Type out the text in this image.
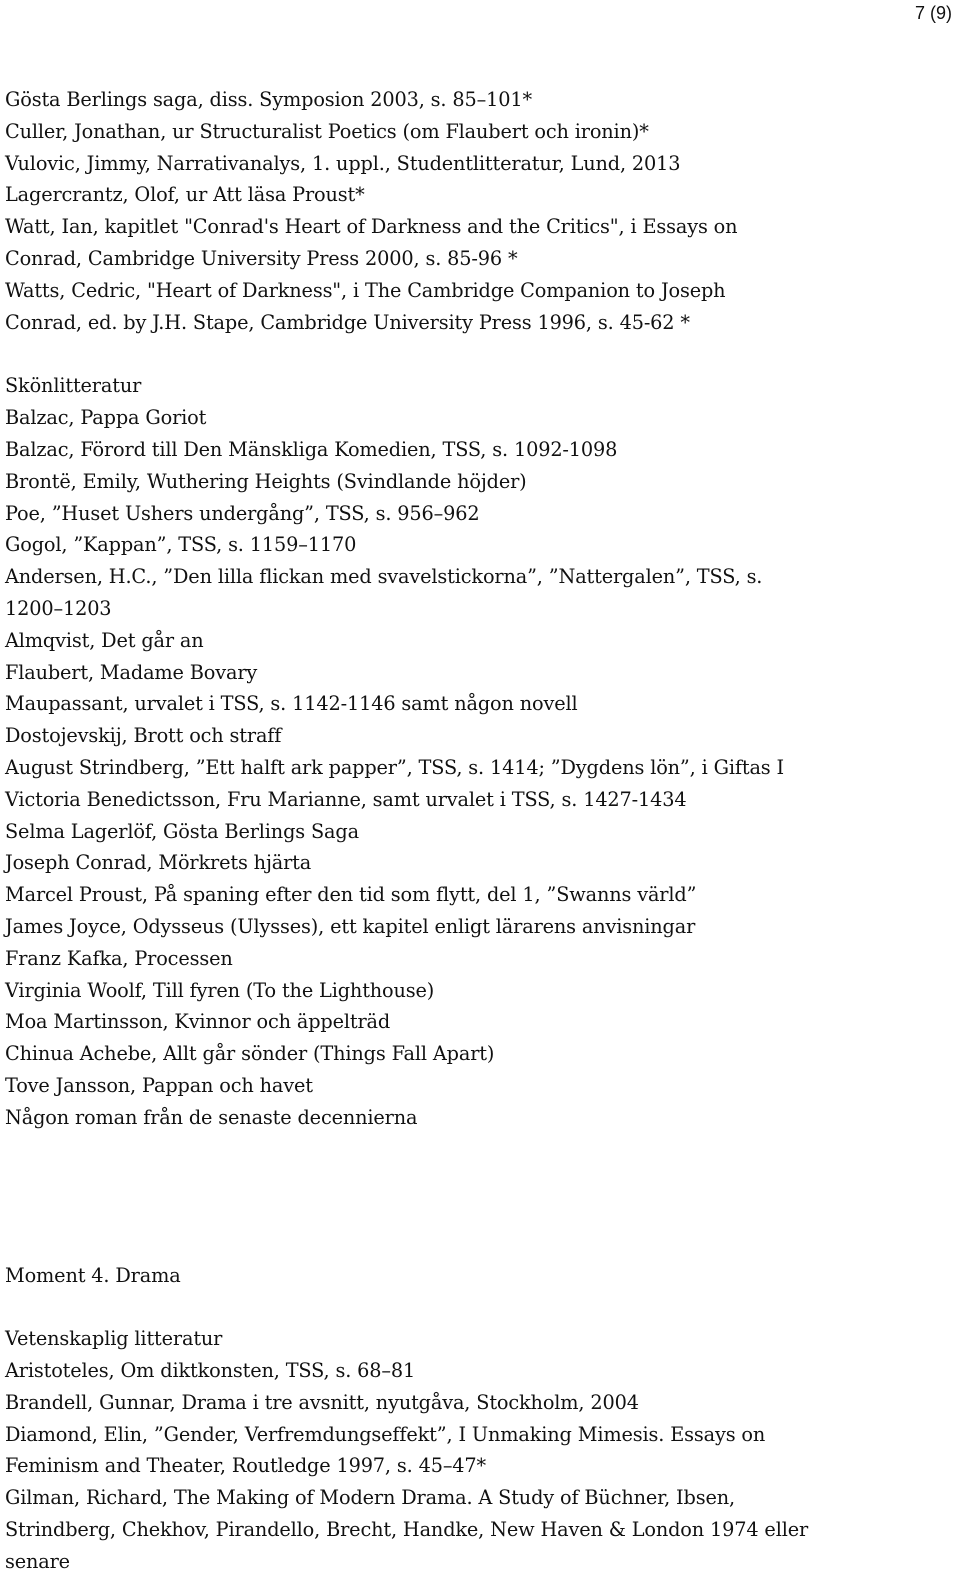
7 (9)
Gösta Berlings saga, diss. Symposion 2003, s. 85–101*
Culler, Jonathan, ur Structuralist Poetics (om Flaubert och ironin)*
Vulovic, Jimmy, Narrativanalys, 1. uppl., Studentlitteratur, Lund, 2013
Lagercrantz, Olof, ur Att läsa Proust*
Watt, Ian, kapitlet "Conrad's Heart of Darkness and the Critics", i Essays on
Conrad, Cambridge University Press 2000, s. 85-96 *
Watts, Cedric, "Heart of Darkness", i The Cambridge Companion to Joseph
Conrad, ed. by J.H. Stape, Cambridge University Press 1996, s. 45-62 *
Skönlitteratur
Balzac, Pappa Goriot
Balzac, Förord till Den Mänskliga Komedien, TSS, s. 1092-1098
Brontë, Emily, Wuthering Heights (Svindlande höjder)
Poe, ”Huset Ushers undergång”, TSS, s. 956–962
Gogol, ”Kappan”, TSS, s. 1159–1170
Andersen, H.C., ”Den lilla flickan med svavelstickorna”, ”Nattergalen”, TSS, s.
1200–1203
Almqvist, Det går an
Flaubert, Madame Bovary
Maupassant, urvalet i TSS, s. 1142-1146 samt någon novell
Dostojevskij, Brott och straff
August Strindberg, ”Ett halft ark papper”, TSS, s. 1414; ”Dygdens lön”, i Giftas I
Victoria Benedictsson, Fru Marianne, samt urvalet i TSS, s. 1427-1434
Selma Lagerlöf, Gösta Berlings Saga
Joseph Conrad, Mörkrets hjärta
Marcel Proust, På spaning efter den tid som flytt, del 1, ”Swanns värld”
James Joyce, Odysseus (Ulysses), ett kapitel enligt lärarens anvisningar
Franz Kafka, Processen
Virginia Woolf, Till fyren (To the Lighthouse)
Moa Martinsson, Kvinnor och äppelträd
Chinua Achebe, Allt går sönder (Things Fall Apart)
Tove Jansson, Pappan och havet
Någon roman från de senaste decennierna
Moment 4. Drama
Vetenskaplig litteratur
Aristoteles, Om diktkonsten, TSS, s. 68–81
Brandell, Gunnar, Drama i tre avsnitt, nyutgåva, Stockholm, 2004
Diamond, Elin, ”Gender, Verfremdungseffekt”, I Unmaking Mimesis. Essays on
Feminism and Theater, Routledge 1997, s. 45–47*
Gilman, Richard, The Making of Modern Drama. A Study of Büchner, Ibsen,
Strindberg, Chekhov, Pirandello, Brecht, Handke, New Haven & London 1974 eller
senare
